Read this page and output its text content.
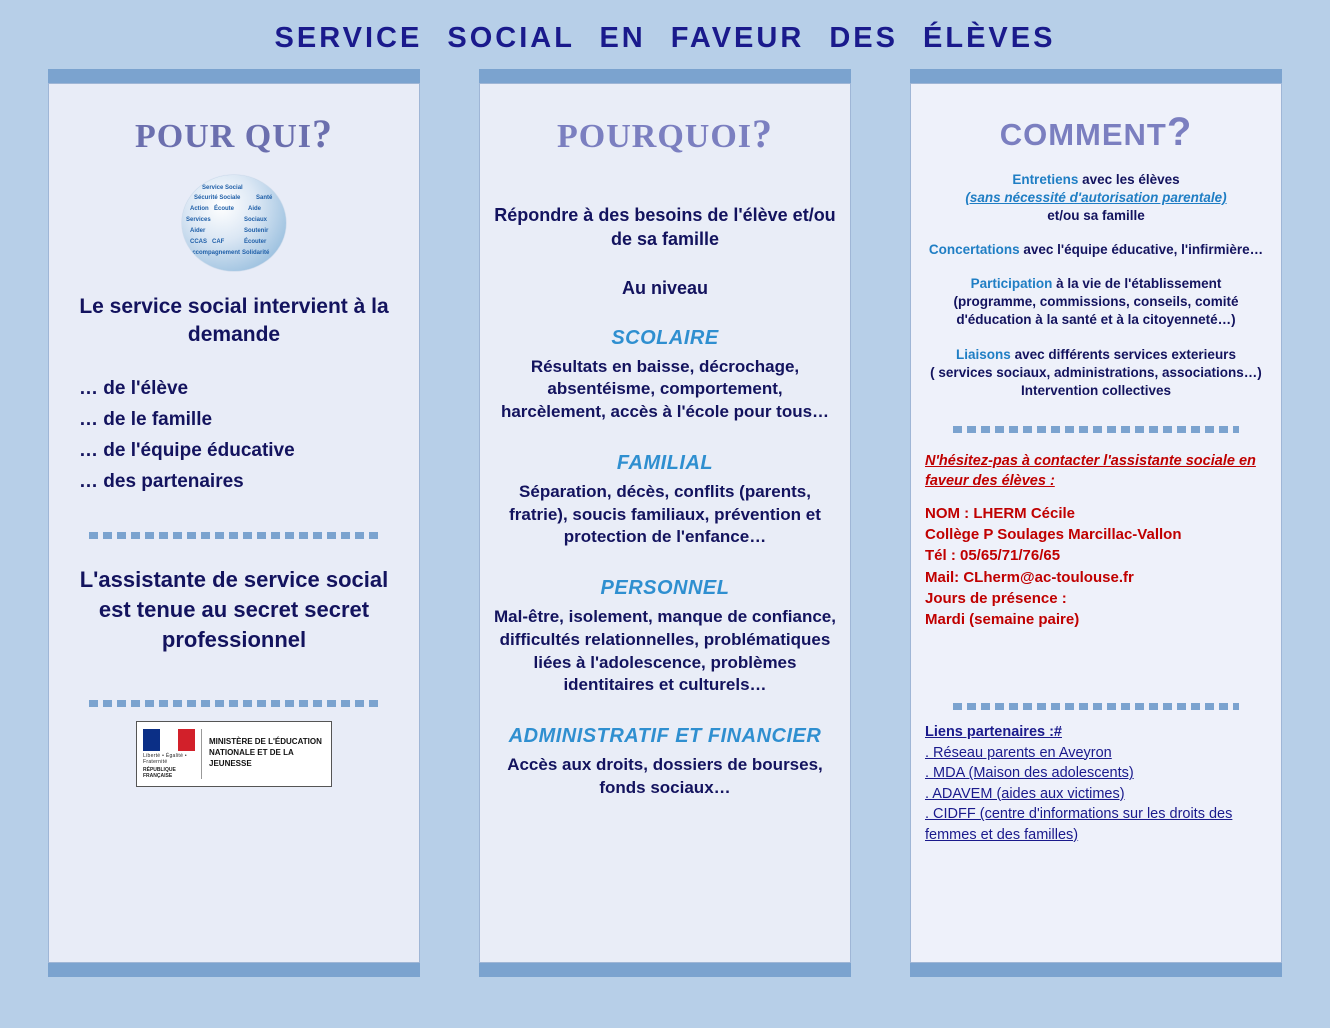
SERVICE SOCIAL EN FAVEUR DES ÉLÈVES
POUR QUI?
Service Social
Sécurité Sociale	Santé
Action Écoute Aide
Services
Aider
Sociaux
Soutenir
CAF
CCAS	Écouter
Accompagnement Solidarité
Le service social intervient à la demande
… de l'élève
… de le famille
… de l'équipe éducative
… des partenaires
L'assistante de service social est tenue au secret secret professionnel
Liberté • Égalité • Fraternité
RÉPUBLIQUE FRANÇAISE
MINISTÈRE DE L'ÉDUCATION NATIONALE ET DE LA JEUNESSE
POURQUOI?
Répondre à des besoins de l'élève et/ou de sa famille
Au niveau
SCOLAIRE
Résultats en baisse, décrochage, absentéisme, comportement, harcèlement, accès à l'école pour tous…
FAMILIAL
Séparation, décès, conflits (parents, fratrie), soucis familiaux, prévention et protection de l'enfance…
PERSONNEL
Mal-être, isolement, manque de confiance, difficultés relationnelles, problématiques liées à l'adolescence, problèmes identitaires et culturels…
ADMINISTRATIF ET FINANCIER
Accès aux droits, dossiers de bourses, fonds sociaux…
COMMENT?
Entretiens avec les élèves
(sans nécessité d'autorisation parentale)
et/ou sa famille
Concertations avec l'équipe éducative, l'infirmière…
Participation à la vie de l'établissement
(programme, commissions, conseils, comité d'éducation à la santé et à la citoyenneté…)
Liaisons avec différents services exterieurs
( services sociaux, administrations, associations…) Intervention collectives
N'hésitez-pas à contacter l'assistante sociale en faveur des élèves :
NOM : LHERM Cécile
Collège P Soulages Marcillac-Vallon
Tél : 05/65/71/76/65
Mail: CLherm@ac-toulouse.fr
Jours de présence :
Mardi (semaine paire)
Liens partenaires :#
. Réseau parents en Aveyron
. MDA (Maison des adolescents)
. ADAVEM (aides aux victimes)
. CIDFF (centre d'informations sur les droits des femmes et des familles)
